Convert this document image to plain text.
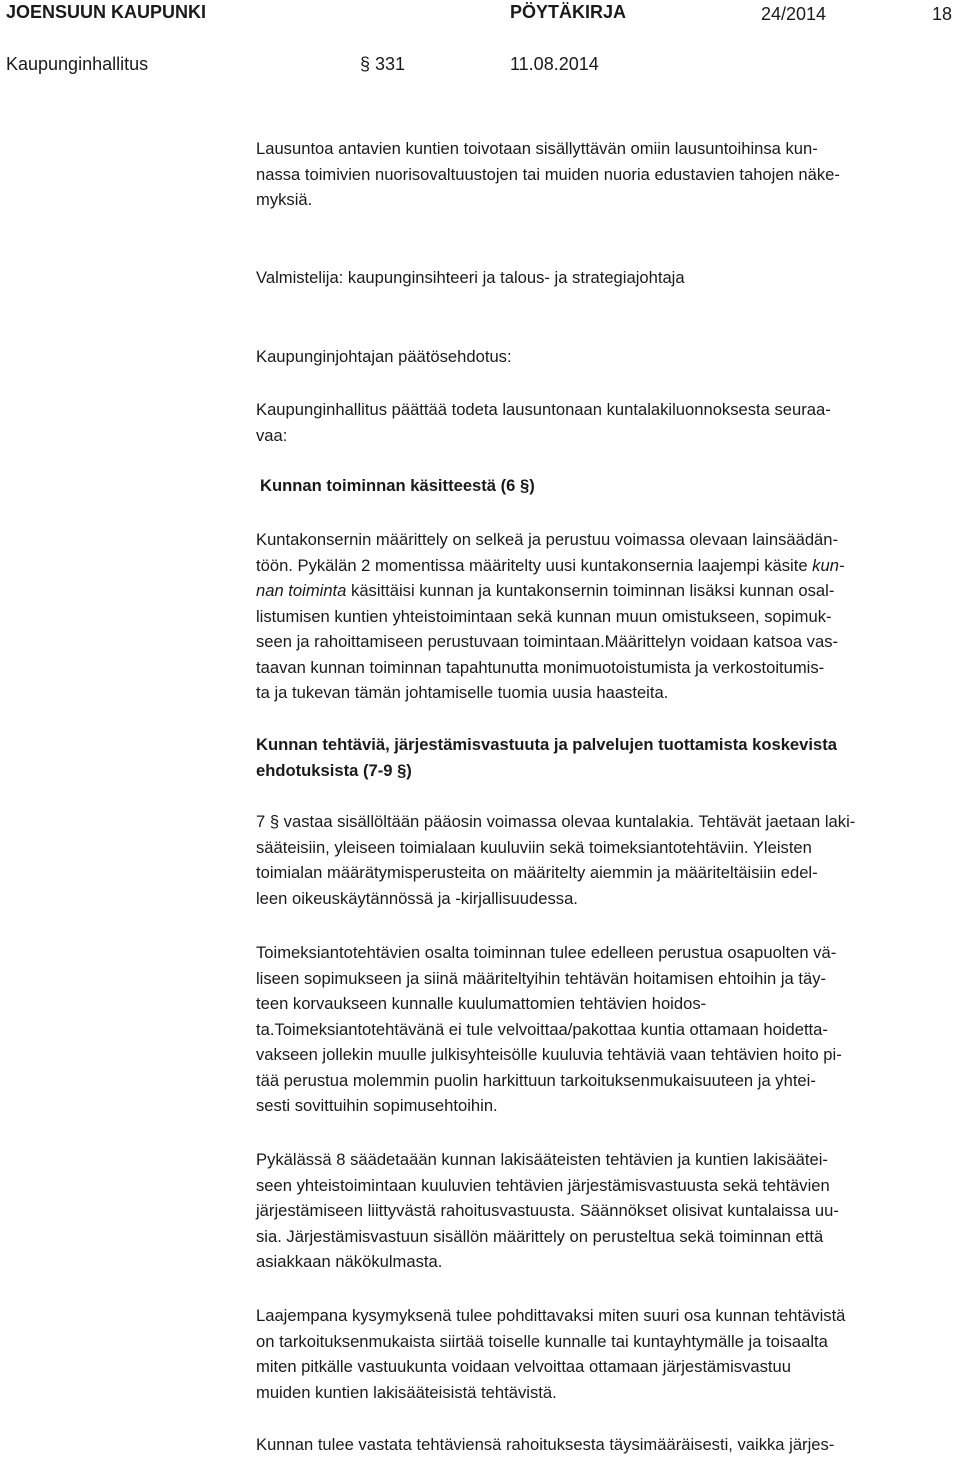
JOENSUUN KAUPUNKI	PÖYTÄKIRJA	24/2014	18
Kaupunginhallitus	§ 331	11.08.2014
Lausuntoa antavien kuntien toivotaan sisällyttävän omiin lausuntoihinsa kun-
nassa toimivien nuorisovaltuustojen tai muiden nuoria edustavien tahojen näke-
myksiä.
Valmistelija: kaupunginsihteeri ja talous- ja strategiajohtaja
Kaupunginjohtajan päätösehdotus:
Kaupunginhallitus päättää todeta lausuntonaan kuntalakiluonnoksesta seuraa-
vaa:
Kunnan toiminnan käsitteestä (6 §)
Kuntakonsernin määrittely on selkeä ja perustuu voimassa olevaan lainsäädän-
töön. Pykälän 2 momentissa määritelty uusi kuntakonsernia laajempi käsite kun-
nan toiminta käsittäisi kunnan ja kuntakonsernin toiminnan lisäksi kunnan osal-
listumisen kuntien yhteistoimintaan sekä kunnan muun omistukseen, sopimuk-
seen ja rahoittamiseen perustuvaan toimintaan.Määrittelyn voidaan katsoa vas-
taavan kunnan toiminnan tapahtunutta monimuotoistumista ja verkostoitumis-
ta ja tukevan tämän johtamiselle tuomia uusia haasteita.
Kunnan tehtäviä, järjestämisvastuuta ja palvelujen tuottamista koskevista
ehdotuksista (7-9 §)
7 § vastaa sisällöltään pääosin voimassa olevaa kuntalakia. Tehtävät jaetaan laki-
sääteisiin, yleiseen toimialaan kuuluviin sekä toimeksiantotehtäviin. Yleisten
toimialan määrätymisperusteita on määritelty aiemmin ja määriteltäisiin edel-
leen oikeuskäytännössä ja -kirjallisuudessa.
Toimeksiantotehtävien osalta toiminnan tulee edelleen perustua osapuolten vä-
liseen sopimukseen ja siinä määriteltyihin tehtävän hoitamisen ehtoihin ja täy-
teen korvaukseen kunnalle kuulumattomien tehtävien hoidos-
ta.Toimeksiantotehtävänä ei tule velvoittaa/pakottaa kuntia ottamaan hoidetta-
vakseen jollekin muulle julkisyhteisölle kuuluvia tehtäviä vaan tehtävien hoito pi-
tää perustua molemmin puolin harkittuun tarkoituksenmukaisuuteen ja yhtei-
sesti sovittuihin sopimusehtoihin.
Pykälässä 8 säädetaään kunnan lakisääteisten tehtävien ja kuntien lakisäätei-
seen yhteistoimintaan kuuluvien tehtävien järjestämisvastuusta sekä tehtävien
järjestämiseen liittyvästä rahoitusvastuusta. Säännökset olisivat kuntalaissa uu-
sia. Järjestämisvastuun sisällön määrittely on perusteltua sekä toiminnan että
asiakkaan näkökulmasta.
Laajempana kysymyksenä tulee pohdittavaksi miten suuri osa kunnan tehtävistä
on tarkoituksenmukaista siirtää toiselle kunnalle tai kuntayhtymälle ja toisaalta
miten pitkälle vastuukunta voidaan velvoittaa ottamaan järjestämisvastuu
muiden kuntien lakisääteisistä tehtävistä.
Kunnan tulee vastata tehtäviensä rahoituksesta täysimääräisesti, vaikka järjes-
